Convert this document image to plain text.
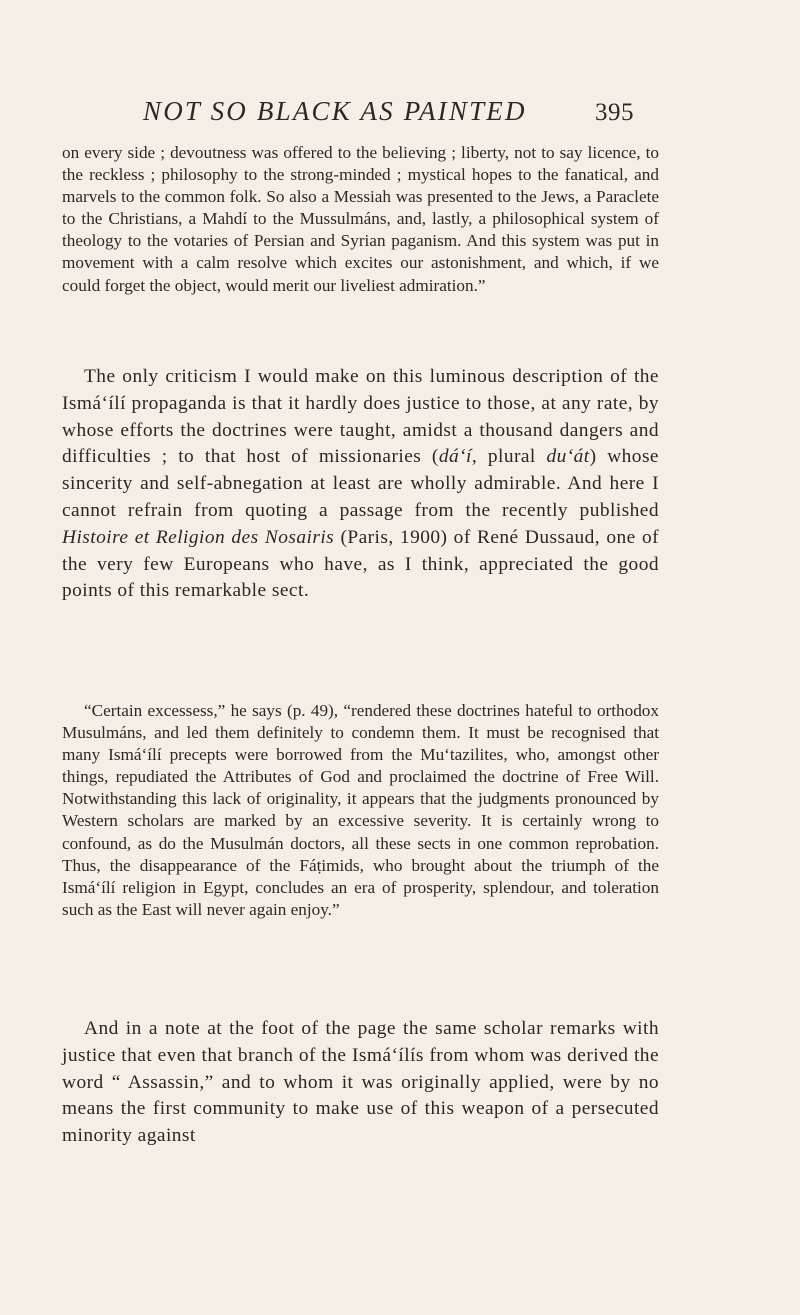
NOT SO BLACK AS PAINTED	395

on every side ; devoutness was offered to the believing ; liberty, not to say licence, to the reckless ; philosophy to the strong-minded ; mystical hopes to the fanatical, and marvels to the common folk. So also a Messiah was presented to the Jews, a Paraclete to the Christians, a Mahdí to the Mussulmáns, and, lastly, a philosophical system of theology to the votaries of Persian and Syrian paganism. And this system was put in movement with a calm resolve which excites our astonishment, and which, if we could forget the object, would merit our liveliest admiration.”

The only criticism I would make on this luminous description of the Ismá‘ílí propaganda is that it hardly does justice to those, at any rate, by whose efforts the doctrines were taught, amidst a thousand dangers and difficulties ; to that host of missionaries (dá‘í, plural du‘át) whose sincerity and self-abnegation at least are wholly admirable. And here I cannot refrain from quoting a passage from the recently published Histoire et Religion des Nosairis (Paris, 1900) of René Dussaud, one of the very few Europeans who have, as I think, appreciated the good points of this remarkable sect.

“Certain excessess,” he says (p. 49), “rendered these doctrines hateful to orthodox Musulmáns, and led them definitely to condemn them. It must be recognised that many Ismá‘ílí precepts were borrowed from the Mu‘tazilites, who, amongst other things, repudiated the Attributes of God and proclaimed the doctrine of Free Will. Notwithstanding this lack of originality, it appears that the judgments pronounced by Western scholars are marked by an excessive severity. It is certainly wrong to confound, as do the Musulmán doctors, all these sects in one common reprobation. Thus, the disappearance of the Fáṭimids, who brought about the triumph of the Ismá‘ílí religion in Egypt, concludes an era of prosperity, splendour, and toleration such as the East will never again enjoy.”

And in a note at the foot of the page the same scholar remarks with justice that even that branch of the Ismá‘ílís from whom was derived the word “ Assassin,” and to whom it was originally applied, were by no means the first community to make use of this weapon of a persecuted minority against
